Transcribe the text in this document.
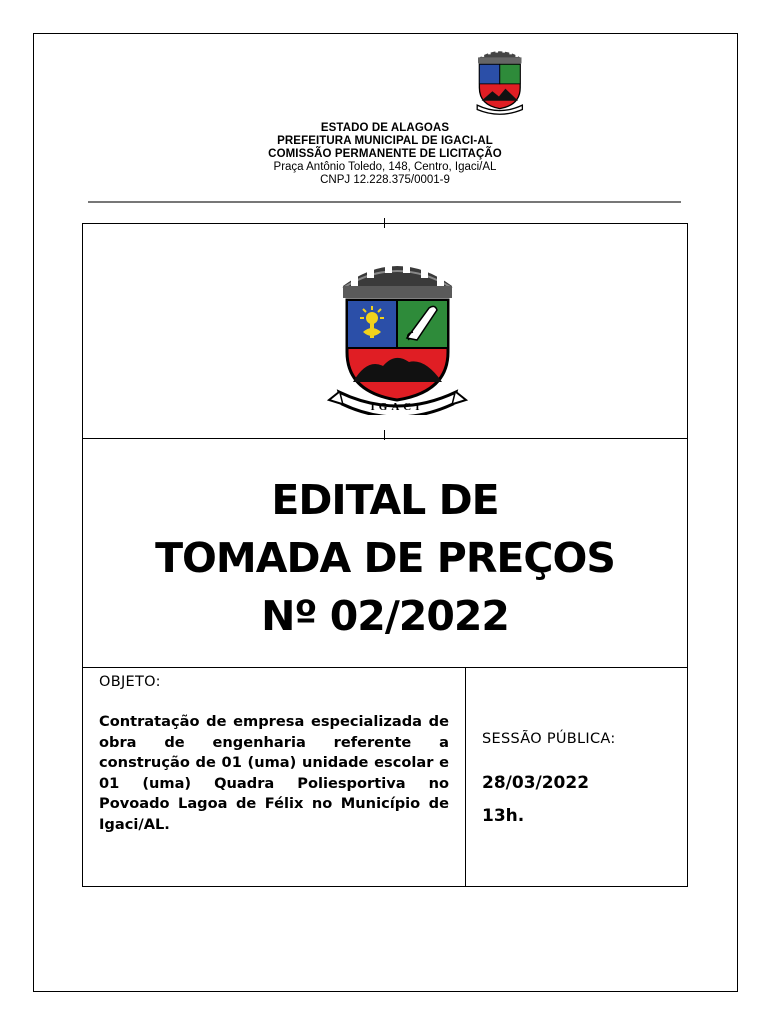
ESTADO DE ALAGOAS
PREFEITURA MUNICIPAL DE IGACI-AL
COMISSÃO PERMANENTE DE LICITAÇÃO
Praça Antônio Toledo, 148, Centro, Igaci/AL
CNPJ 12.228.375/0001-9
IGACI
EDITAL DE
TOMADA DE PREÇOS
Nº 02/2022
OBJETO:
Contratação de empresa especializada de obra de engenharia referente a construção de 01 (uma) unidade escolar e 01 (uma) Quadra Poliesportiva no Povoado Lagoa de Félix no Município de Igaci/AL.
SESSÃO PÚBLICA:
28/03/2022
13h.
